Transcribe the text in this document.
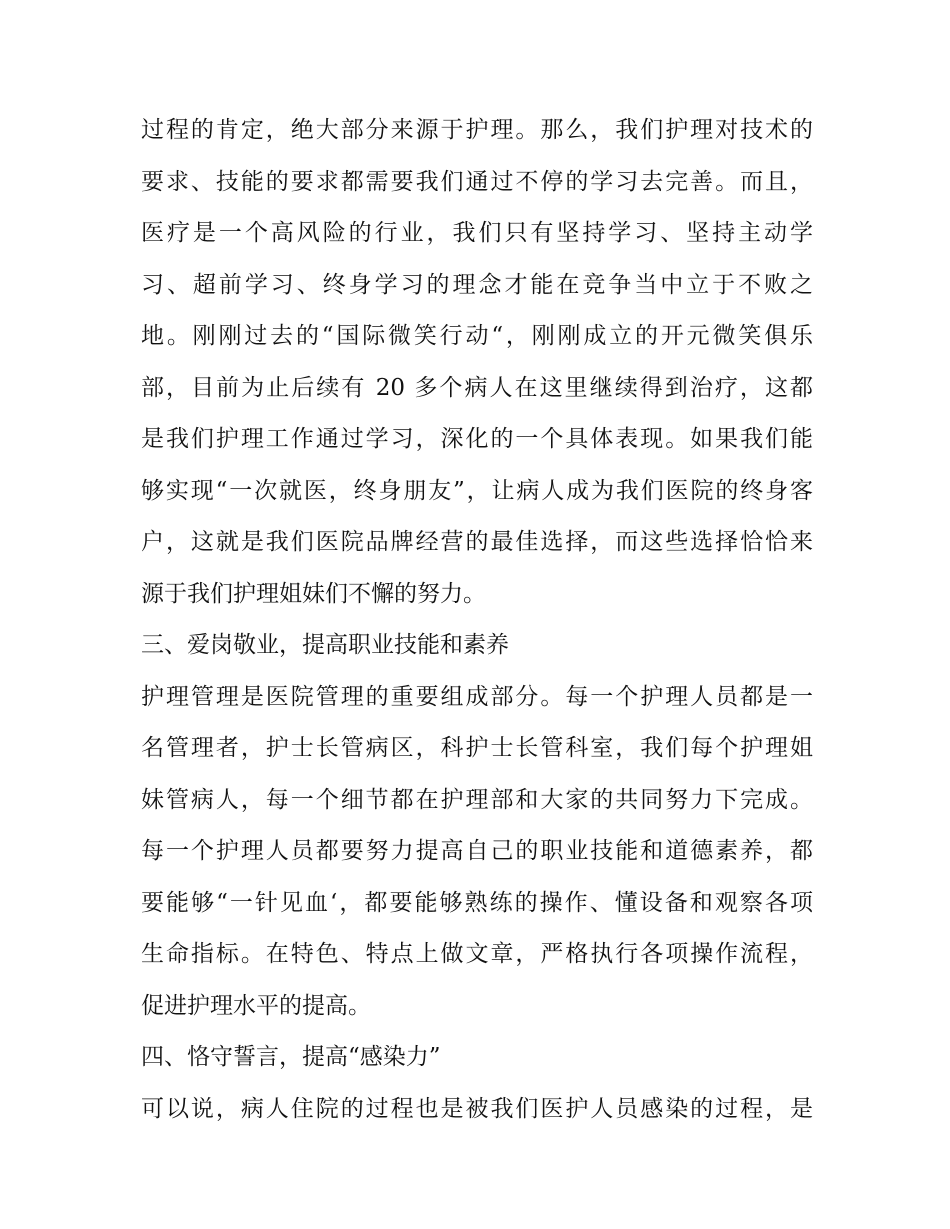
过程的肯定，绝大部分来源于护理。那么，我们护理对技术的
要求、技能的要求都需要我们通过不停的学习去完善。而且，
医疗是一个高风险的行业，我们只有坚持学习、坚持主动学
习、超前学习、终身学习的理念才能在竞争当中立于不败之
地。刚刚过去的“国际微笑行动“，刚刚成立的开元微笑俱乐
部，目前为止后续有 20 多个病人在这里继续得到治疗，这都
是我们护理工作通过学习，深化的一个具体表现。如果我们能
够实现“一次就医，终身朋友”，让病人成为我们医院的终身客
户，这就是我们医院品牌经营的最佳选择，而这些选择恰恰来
源于我们护理姐妹们不懈的努力。
三、爱岗敬业，提高职业技能和素养
护理管理是医院管理的重要组成部分。每一个护理人员都是一
名管理者，护士长管病区，科护士长管科室，我们每个护理姐
妹管病人，每一个细节都在护理部和大家的共同努力下完成。
每一个护理人员都要努力提高自己的职业技能和道德素养，都
要能够“一针见血‘，都要能够熟练的操作、懂设备和观察各项
生命指标。在特色、特点上做文章，严格执行各项操作流程，
促进护理水平的提高。
四、恪守誓言，提高“感染力”
可以说，病人住院的过程也是被我们医护人员感染的过程，是
